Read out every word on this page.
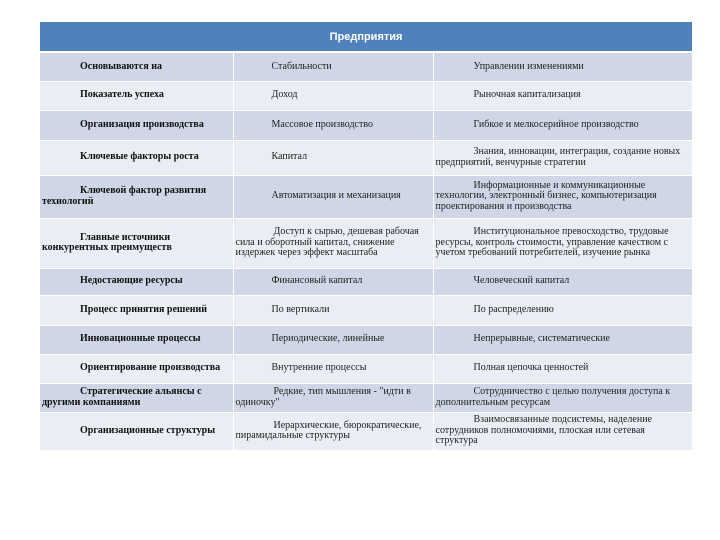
Предприятия		
Основываются на	Стабильности	Управлении изменениями
Показатель успеха	Доход	Рыночная капитализация
Организация производства	Массовое производство	Гибкое и мелкосерийное производство
Ключевые факторы роста	Капитал	Знания, инновации, интеграция, создание новых предприятий, венчурные стратегии
Ключевой фактор развития технологий	Автоматизация и механизация	Информационные и коммуникационные технологии, электронный бизнес, компьютеризация проектирования и производства
Главные источники конкурентных преимуществ	Доступ к сырью, дешевая рабочая сила и оборотный капитал, снижение издержек через эффект масштаба	Институциональное превосходство, трудовые ресурсы, контроль стоимости, управление качеством с учетом требований потребителей, изучение рынка
Недостающие ресурсы	Финансовый капитал	Человеческий капитал
Процесс принятия решений	По вертикали	По распределению
Инновационные процессы	Периодические, линейные	Непрерывные, систематические
Ориентирование производства	Внутренние процессы	Полная цепочка ценностей
Стратегические альянсы с другими компаниями	Редкие, тип мышления - "идти в одиночку"	Сотрудничество с целью получения доступа к дополнительным ресурсам
Организационные структуры	Иерархические, бюрократические, пирамидальные структуры	Взаимосвязанные подсистемы, наделение сотрудников полномочиями, плоская или сетевая структура
